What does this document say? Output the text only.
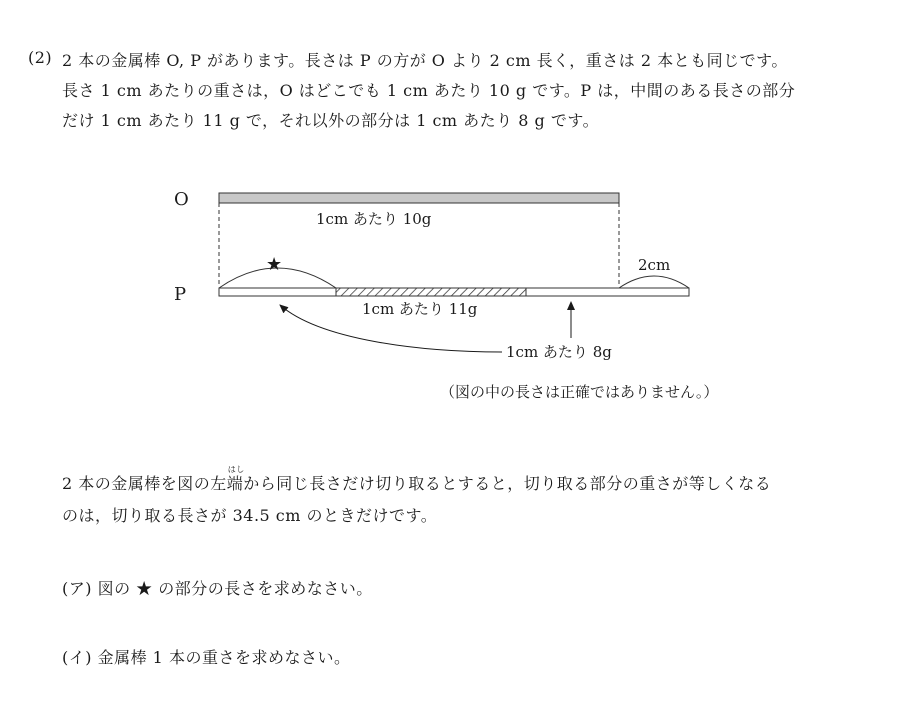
(2) 2 本の金属棒 O, P があります。長さは P の方が O より 2 cm 長く，重さは 2 本とも同じです。
長さ 1 cm あたりの重さは，O はどこでも 1 cm あたり 10 g です。P は，中間のある長さの部分
だけ 1 cm あたり 11 g で，それ以外の部分は 1 cm あたり 8 g です。
O
1cm あたり 10g
P
★	2cm
1cm あたり 11g
1cm あたり 8g
（図の中の長さは正確ではありません。）
2 本の金属棒を図の左
はし
端から同じ長さだけ切り取るとすると，切り取る部分の重さが等しくなる
のは，切り取る長さが 34.5 cm のときだけです。
(ア) 図の ★ の部分の長さを求めなさい。
(イ) 金属棒 1 本の重さを求めなさい。
